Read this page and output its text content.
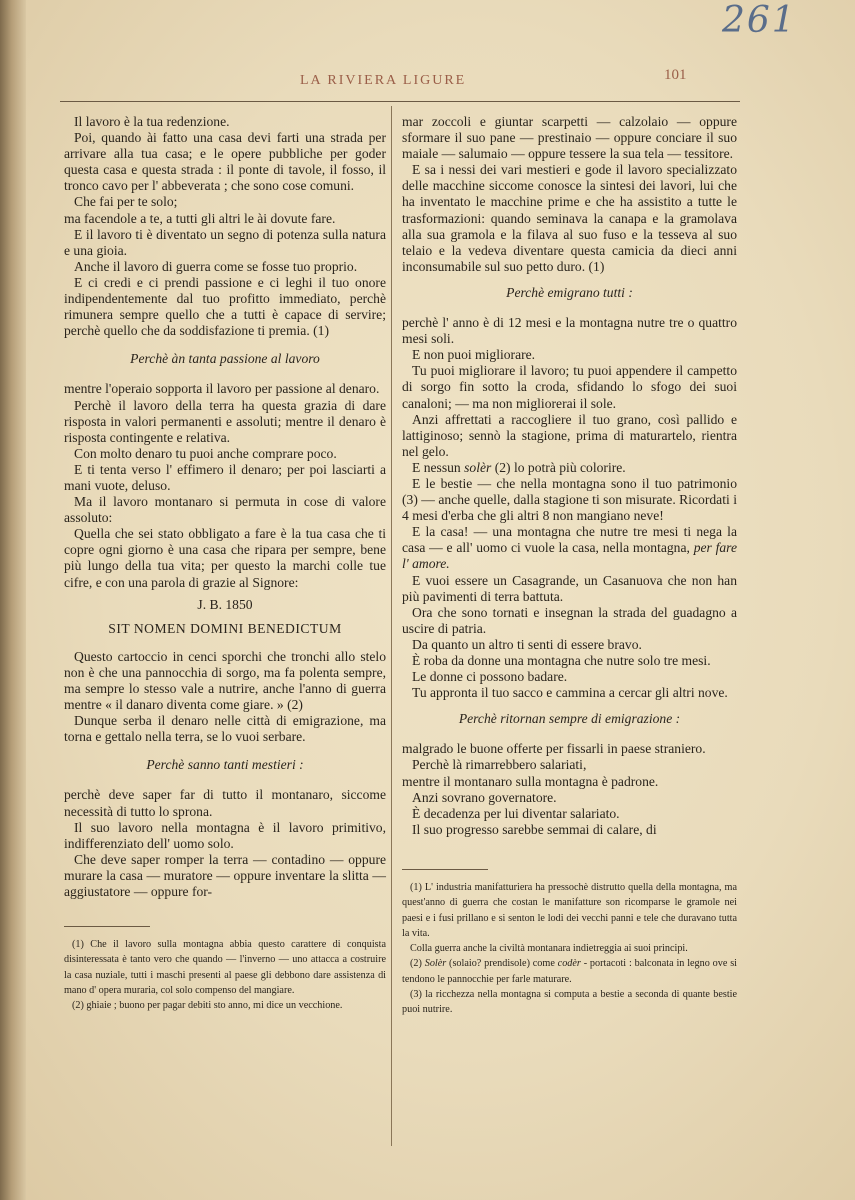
261
LA RIVIERA LIGURE	101

Il lavoro è la tua redenzione.

Poi, quando ài fatto una casa devi farti una strada per arrivare alla tua casa; e le opere pubbliche per goder questa casa e questa strada : il ponte di tavole, il fosso, il tronco cavo per l' abbeverata ; che sono cose comuni.

Che fai per te solo;

ma facendole a te, a tutti gli altri le ài dovute fare.

E il lavoro ti è diventato un segno di potenza sulla natura e una gioia.

Anche il lavoro di guerra come se fosse tuo proprio.

E ci credi e ci prendi passione e ci leghi il tuo onore indipendentemente dal tuo profitto immediato, perchè rimunera sempre quello che a tutti è capace di servire; perchè quello che da soddisfazione ti premia. (1)

Perchè àn tanta passione al lavoro

mentre l'operaio sopporta il lavoro per passione al denaro.

Perchè il lavoro della terra ha questa grazia di dare risposta in valori permanenti e assoluti; mentre il denaro è risposta contingente e relativa.

Con molto denaro tu puoi anche comprare poco.

E ti tenta verso l' effimero il denaro; per poi lasciarti a mani vuote, deluso.

Ma il lavoro montanaro si permuta in cose di valore assoluto:

Quella che sei stato obbligato a fare è la tua casa che ti copre ogni giorno è una casa che ripara per sempre, bene più lungo della tua vita; per questo la marchi colle tue cifre, e con una parola di grazie al Signore:

J. B. 1850

SIT NOMEN DOMINI BENEDICTUM

Questo cartoccio in cenci sporchi che tronchi allo stelo non è che una pannocchia di sorgo, ma fa polenta sempre, ma sempre lo stesso vale a nutrire, anche l'anno di guerra mentre « il danaro diventa come giare. » (2)

Dunque serba il denaro nelle città di emigrazione, ma torna e gettalo nella terra, se lo vuoi serbare.

Perchè sanno tanti mestieri :

perchè deve saper far di tutto il montanaro, siccome necessità di tutto lo sprona.

Il suo lavoro nella montagna è il lavoro primitivo, indifferenziato dell' uomo solo.

Che deve saper romper la terra — contadino — oppure murare la casa — muratore — oppure inventare la slitta — aggiustatore — oppure for-

(1) Che il lavoro sulla montagna abbia questo carattere di conquista disinteressata è tanto vero che quando — l'inverno — uno attacca a costruire la casa nuziale, tutti i maschi presenti al paese gli debbono dare assistenza di mano d' opera muraria, col solo compenso del mangiare.

(2) ghiaie ; buono per pagar debiti sto anno, mi dice un vecchione.

mar zoccoli e giuntar scarpetti — calzolaio — oppure sformare il suo pane — prestinaio — oppure conciare il suo maiale — salumaio — oppure tessere la sua tela — tessitore.

E sa i nessi dei vari mestieri e gode il lavoro specializzato delle macchine siccome conosce la sintesi dei lavori, lui che ha inventato le macchine prime e che ha assistito a tutte le trasformazioni: quando seminava la canapa e la gramolava alla sua gramola e la filava al suo fuso e la tesseva al suo telaio e la vedeva diventare questa camicia da dieci anni inconsumabile sul suo petto duro. (1)

Perchè emigrano tutti :

perchè l' anno è di 12 mesi e la montagna nutre tre o quattro mesi soli.

E non puoi migliorare.

Tu puoi migliorare il lavoro; tu puoi appendere il campetto di sorgo fin sotto la croda, sfidando lo sfogo dei suoi canaloni; — ma non migliorerai il sole.

Anzi affrettati a raccogliere il tuo grano, così pallido e lattiginoso; sennò la stagione, prima di maturartelo, rientra nel gelo.

E nessun solèr (2) lo potrà più colorire.

E le bestie — che nella montagna sono il tuo patrimonio (3) — anche quelle, dalla stagione ti son misurate. Ricordati i 4 mesi d'erba che gli altri 8 non mangiano neve!

E la casa! — una montagna che nutre tre mesi ti nega la casa — e all' uomo ci vuole la casa, nella montagna, per fare l' amore.

E vuoi essere un Casagrande, un Casanuova che non han più pavimenti di terra battuta.

Ora che sono tornati e insegnan la strada del guadagno a uscire di patria.

Da quanto un altro ti senti di essere bravo.

È roba da donne una montagna che nutre solo tre mesi.

Le donne ci possono badare.

Tu approntа il tuo sacco e cammina a cercar gli altri nove.

Perchè ritornan sempre di emigrazione :

malgrado le buone offerte per fissarli in paese straniero.

Perchè là rimarrebbero salariati,

mentre il montanaro sulla montagna è padrone.

Anzi sovrano governatore.

È decadenza per lui diventar salariato.

Il suo progresso sarebbe semmai di calare, di

(1) L' industria manifatturiera ha pressochè distrutto quella della montagna, ma quest'anno di guerra che costan le manifatture son ricomparse le gramole nei paesi e i fusi prillano e si senton le lodi dei vecchi panni e tele che duravano tutta la vita.

Colla guerra anche la civiltà montanara indietreggia ai suoi principi.

(2) Solèr (solaio? prendisole) come codèr - portacoti : balconata in legno ove si tendono le pannocchie per farle maturare.

(3) la ricchezza nella montagna si computa a bestie a seconda di quante bestie puoi nutrire.
